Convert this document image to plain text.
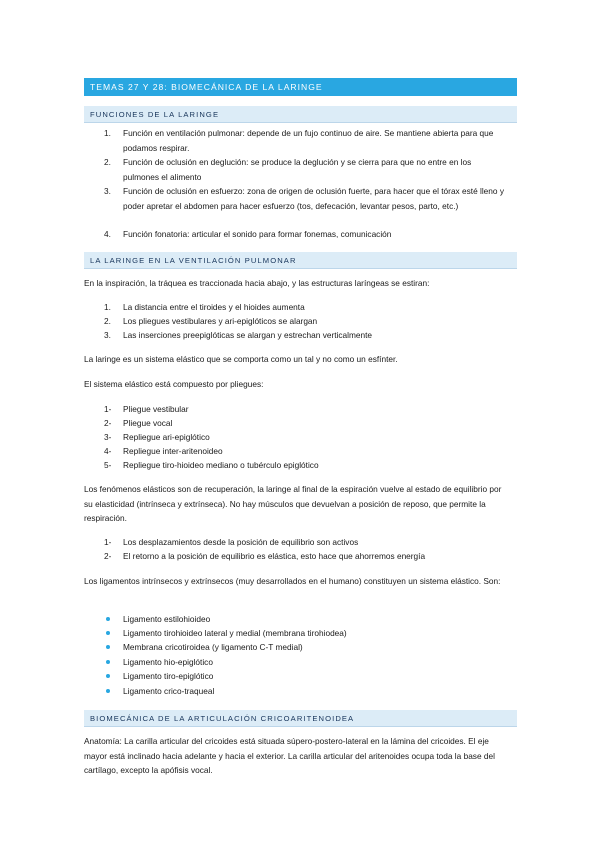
TEMAS 27 Y 28: BIOMECÁNICA DE LA LARINGE
FUNCIONES DE LA LARINGE
1. Función en ventilación pulmonar: depende de un fujo continuo de aire. Se mantiene abierta para que podamos respirar.
2. Función de oclusión en deglución: se produce la deglución y se cierra para que no entre en los pulmones el alimento
3. Función de oclusión en esfuerzo: zona de origen de oclusión fuerte, para hacer que el tórax esté lleno y poder apretar el abdomen para hacer esfuerzo (tos, defecación, levantar pesos, parto, etc.)
4. Función fonatoria: articular el sonido para formar fonemas, comunicación
LA LARINGE EN LA VENTILACIÓN PULMONAR
En la inspiración, la tráquea es traccionada hacia abajo, y las estructuras laríngeas se estiran:
1. La distancia entre el tiroides y el hioides aumenta
2. Los pliegues vestibulares y ari-epiglóticos se alargan
3. Las inserciones preepiglóticas se alargan y estrechan verticalmente
La laringe es un sistema elástico que se comporta como un tal y no como un esfínter.
El sistema elástico está compuesto por pliegues:
1- Pliegue vestibular
2- Pliegue vocal
3- Repliegue ari-epiglótico
4- Repliegue inter-aritenoideo
5- Repliegue tiro-hioideo mediano o tubérculo epiglótico
Los fenómenos elásticos son de recuperación, la laringe al final de la espiración vuelve al estado de equilibrio por su elasticidad (intrínseca y extrínseca). No hay músculos que devuelvan a posición de reposo, que permite la respiración.
1- Los desplazamientos desde la posición de equilibrio son activos
2- El retorno a la posición de equilibrio es elástica, esto hace que ahorremos energía
Los ligamentos intrínsecos y extrínsecos (muy desarrollados en el humano) constituyen un sistema elástico. Son:
Ligamento estilohioideo
Ligamento tirohioideo lateral y medial (membrana tirohiodea)
Membrana cricotiroidea (y ligamento C-T medial)
Ligamento hio-epiglótico
Ligamento tiro-epiglótico
Ligamento crico-traqueal
BIOMECÁNICA DE LA ARTICULACIÓN CRICOARITENOIDEA
Anatomía: La carilla articular del cricoides está situada súpero-postero-lateral en la lámina del cricoides. El eje mayor está inclinado hacia adelante y hacia el exterior. La carilla articular del aritenoides ocupa toda la base del cartílago, excepto la apófisis vocal.
